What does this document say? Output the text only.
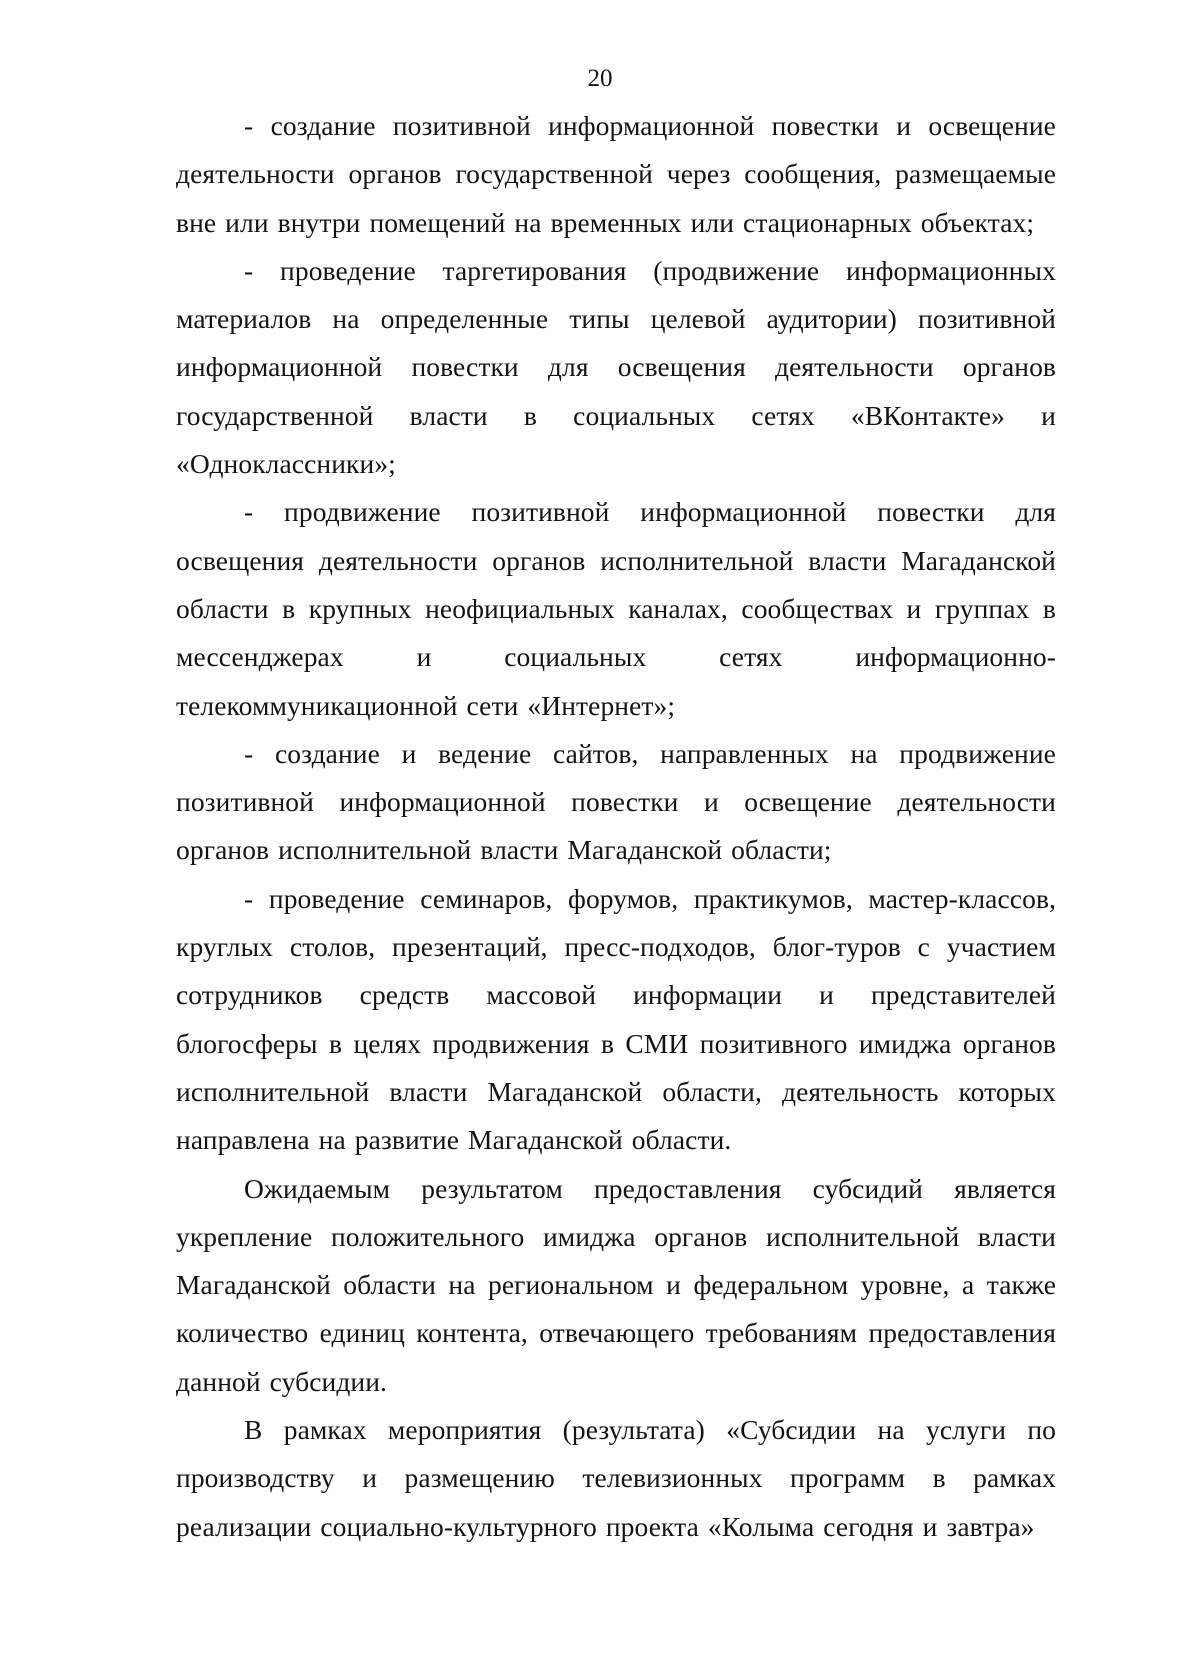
20

- создание позитивной информационной повестки и освещение деятельности органов государственной через сообщения, размещаемые вне или внутри помещений на временных или стационарных объектах;

- проведение таргетирования (продвижение информационных материалов на определенные типы целевой аудитории) позитивной информационной повестки для освещения деятельности органов государственной власти в социальных сетях «ВКонтакте» и «Одноклассники»;

- продвижение позитивной информационной повестки для освещения деятельности органов исполнительной власти Магаданской области в крупных неофициальных каналах, сообществах и группах в мессенджерах и социальных сетях информационно-телекоммуникационной сети «Интернет»;

- создание и ведение сайтов, направленных на продвижение позитивной информационной повестки и освещение деятельности органов исполнительной власти Магаданской области;

- проведение семинаров, форумов, практикумов, мастер-классов, круглых столов, презентаций, пресс-подходов, блог-туров с участием сотрудников средств массовой информации и представителей блогосферы в целях продвижения в СМИ позитивного имиджа органов исполнительной власти Магаданской области, деятельность которых направлена на развитие Магаданской области.

Ожидаемым результатом предоставления субсидий является укрепление положительного имиджа органов исполнительной власти Магаданской области на региональном и федеральном уровне, а также количество единиц контента, отвечающего требованиям предоставления данной субсидии.

В рамках мероприятия (результата) «Субсидии на услуги по производству и размещению телевизионных программ в рамках реализации социально-культурного проекта «Колыма сегодня и завтра»
